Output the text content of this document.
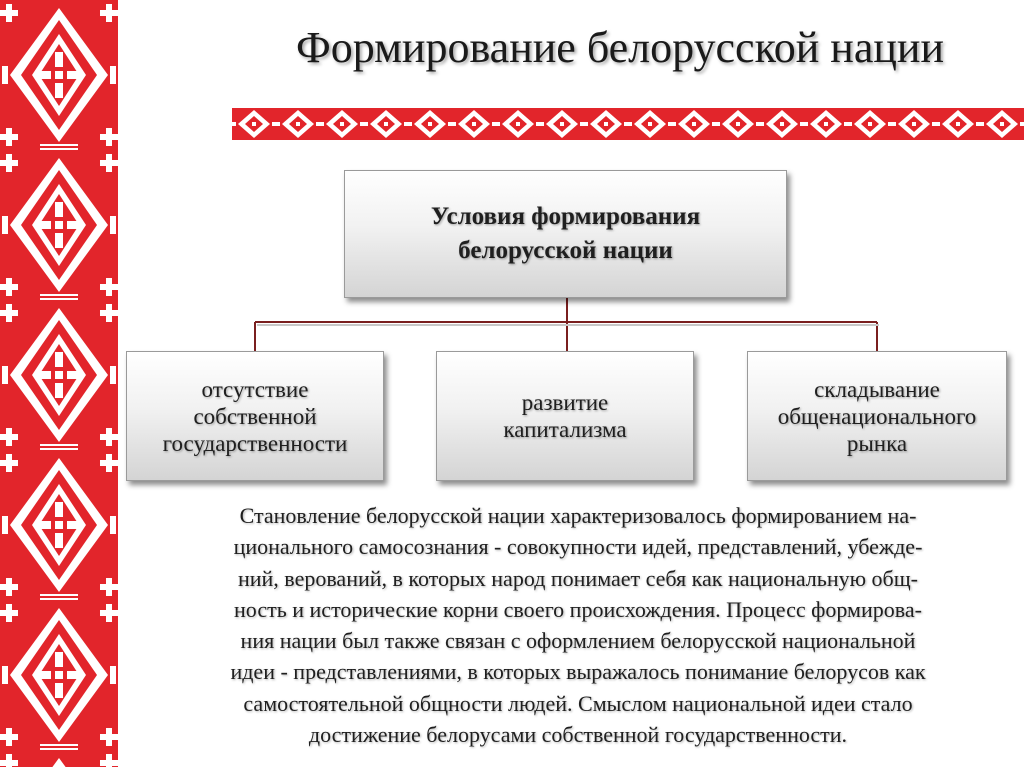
Формирование белорусской нации
Условия формирования
белорусской нации
отсутствие
собственной
государственности
развитие
капитализма
складывание
общенационального
рынка
Становление белорусской нации характеризовалось формированием на-
ционального самосознания - совокупности идей, представлений, убежде-
ний, верований, в которых народ понимает себя как национальную общ-
ность и исторические корни своего происхождения. Процесс формирова-
ния нации был также связан с оформлением белорусской национальной
идеи - представлениями, в которых выражалось понимание белорусов как
самостоятельной общности людей. Смыслом национальной идеи стало
достижение белорусами собственной государственности.
